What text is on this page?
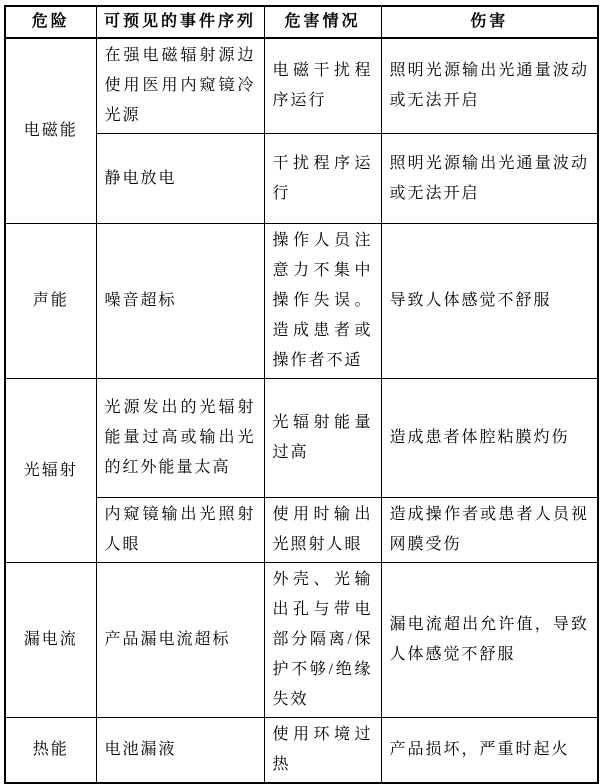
危险	可预见的事件序列	危害情况	伤害
电磁能	在强电磁辐射源边使用医用内窥镜冷光源	电磁干扰程序运行	照明光源输出光通量波动或无法开启
	静电放电	干扰程序运行	照明光源输出光通量波动或无法开启
声能	噪音超标	操作人员注意力不集中操作失误。造成患者或操作者不适	导致人体感觉不舒服
光辐射	光源发出的光辐射能量过高或输出光的红外能量太高	光辐射能量过高	造成患者体腔粘膜灼伤
	内窥镜输出光照射人眼	使用时输出光照射人眼	造成操作者或患者人员视网膜受伤
漏电流	产品漏电流超标	外壳、光输出孔与带电部分隔离/保护不够/绝缘失效	漏电流超出允许值，导致人体感觉不舒服
热能	电池漏液	使用环境过热	产品损坏，严重时起火
